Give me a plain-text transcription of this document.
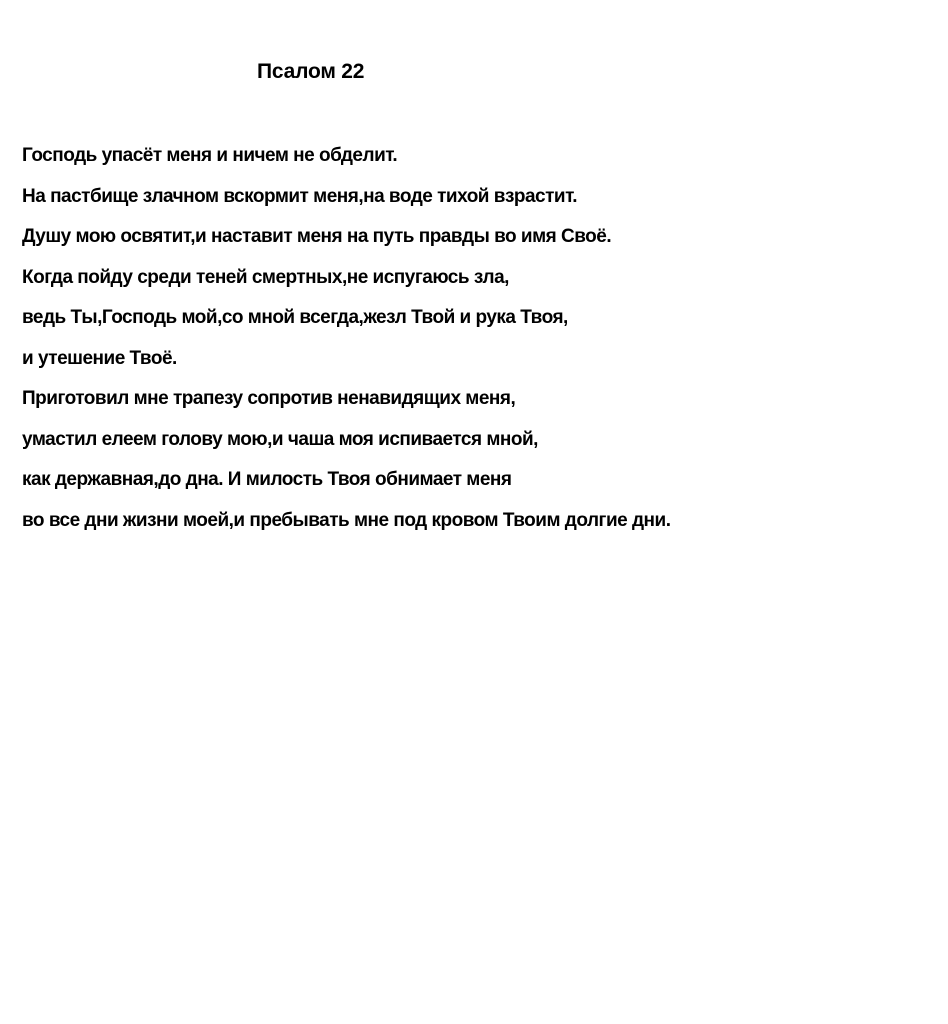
Псалом 22
Господь упасёт меня и ничем не обделит.
На пастбище злачном вскормит меня,на воде тихой взрастит.
Душу мою освятит,и наставит меня на путь правды во имя Своё.
Когда пойду среди теней смертных,не испугаюсь зла,
ведь Ты,Господь мой,со мной всегда,жезл Твой и рука Твоя,
и утешение Твоё.
Приготовил мне трапезу сопротив ненавидящих меня,
умастил елеем голову мою,и чаша моя испивается мной,
как державная,до дна. И милость Твоя обнимает меня
во все дни жизни моей,и пребывать мне под кровом Твоим долгие дни.
